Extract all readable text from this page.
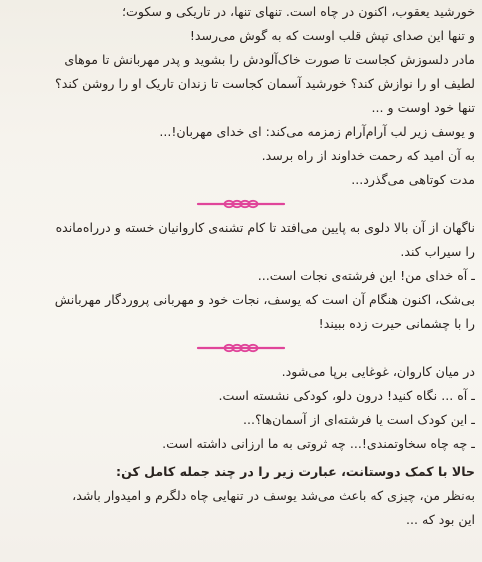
خورشید یعقوب، اکنون در چاه است. تنهای تنها، در تاریکی و سکوت؛
و تنها این صدای تپش قلب اوست که به گوش می‌رسد!
مادر دلسوزش کجاست تا صورت خاک‌آلودش را بشوید و پدر مهربانش تا موهای
لطیف او را نوازش کند؟ خورشید آسمان کجاست تا زندان تاریک او را روشن کند؟
تنها خود اوست و ...
و یوسف زیر لب آرام‌آرام زمزمه می‌کند: ای خدای مهربان!...
به آن امید که رحمت خداوند از راه برسد.
مدت کوتاهی می‌گذرد...
ناگهان از آن بالا دلوی به پایین می‌افتد تا کام تشنه‌ی کاروانیان خسته و درراه‌مانده
را سیراب کند.
ـ آه خدای من! این فرشته‌ی نجات است...
بی‌شک، اکنون هنگام آن است که یوسف، نجات خود و مهربانی پروردگار مهربانش
را با چشمانی حیرت زده ببیند!
در میان کاروان، غوغایی برپا می‌شود.
ـ آه ... نگاه کنید! درون دلو، کودکی نشسته است.
ـ این کودک است یا فرشته‌ای از آسمان‌ها؟...
ـ چه چاه سخاوتمندی!... چه ثروتی به ما ارزانی داشته است.
حالا با کمک دوستانت، عبارت زیر را در چند جمله کامل کن:
به‌نظر من، چیزی که باعث می‌شد یوسف در تنهایی چاه دلگرم و امیدوار باشد،
این بود که ...
